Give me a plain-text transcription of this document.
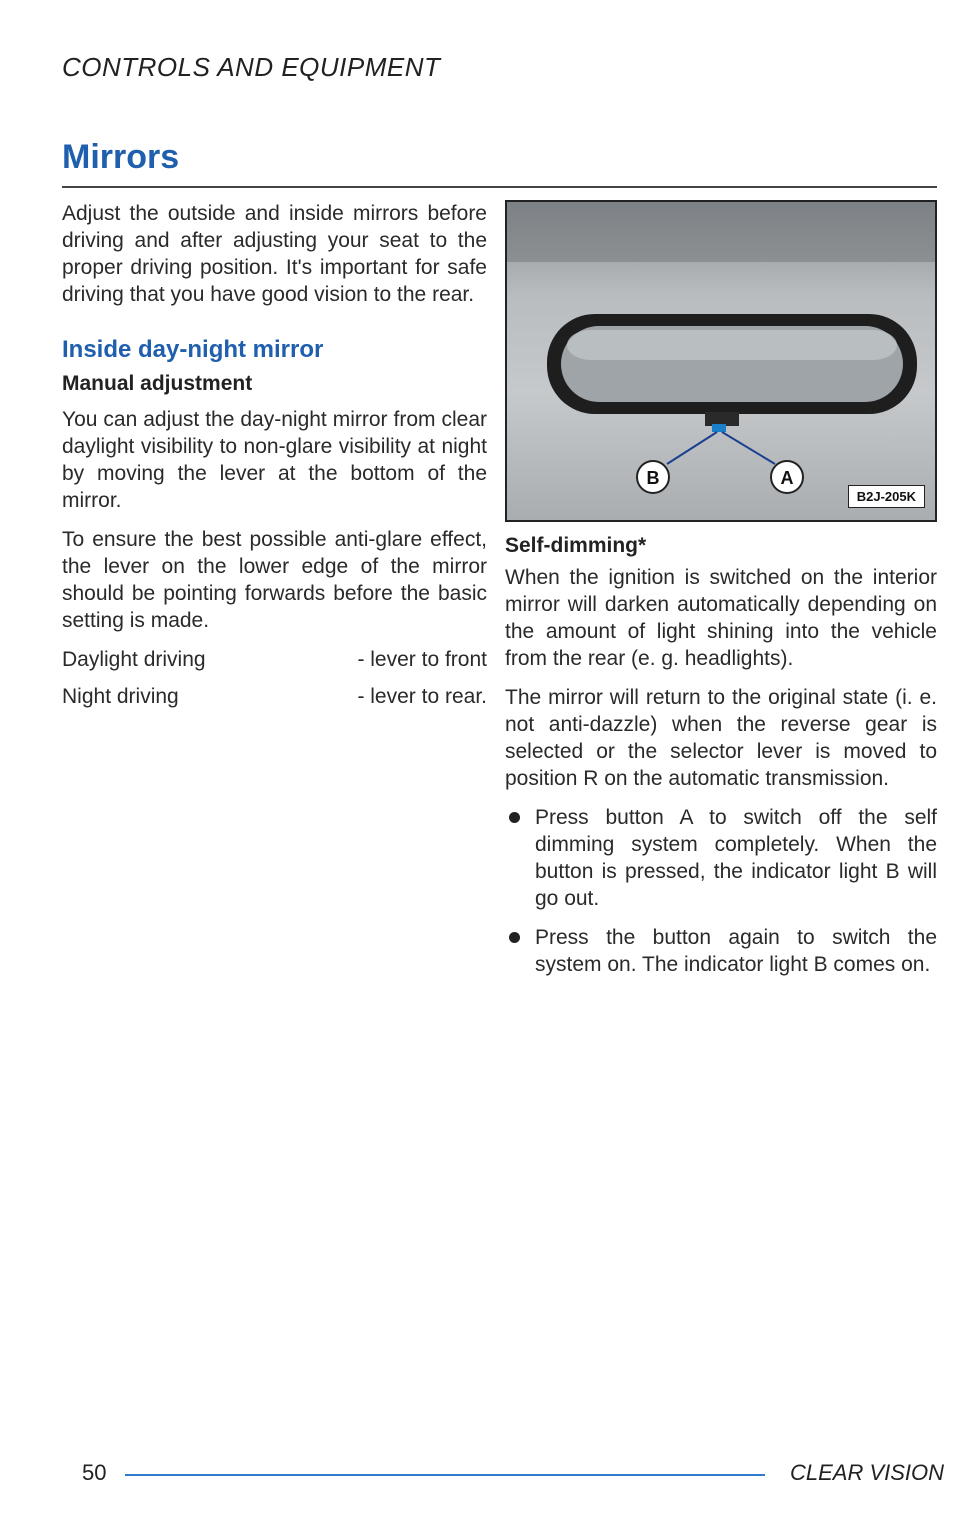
CONTROLS AND EQUIPMENT
Mirrors

Adjust the outside and inside mirrors before driving and after adjusting your seat to the proper driving position. It's important for safe driving that you have good vision to the rear.

Inside day-night mirror
Manual adjustment

You can adjust the day-night mirror from clear daylight visibility to non-glare visibility at night by moving the lever at the bottom of the mirror.

To ensure the best possible anti-glare effect, the lever on the lower edge of the mirror should be pointing forwards before the basic setting is made.

Daylight driving	- lever to front
Night driving	- lever to rear.
B	A
B2J-205K
Self-dimming*

When the ignition is switched on the interior mirror will darken automatically depending on the amount of light shining into the vehicle from the rear (e. g. headlights).

The mirror will return to the original state (i. e. not anti-dazzle) when the reverse gear is selected or the selector lever is moved to position R on the automatic transmission.

Press button A to switch off the self dimming system completely. When the button is pressed, the indicator light B will go out.

Press the button again to switch the system on. The indicator light B comes on.

50	CLEAR VISION
